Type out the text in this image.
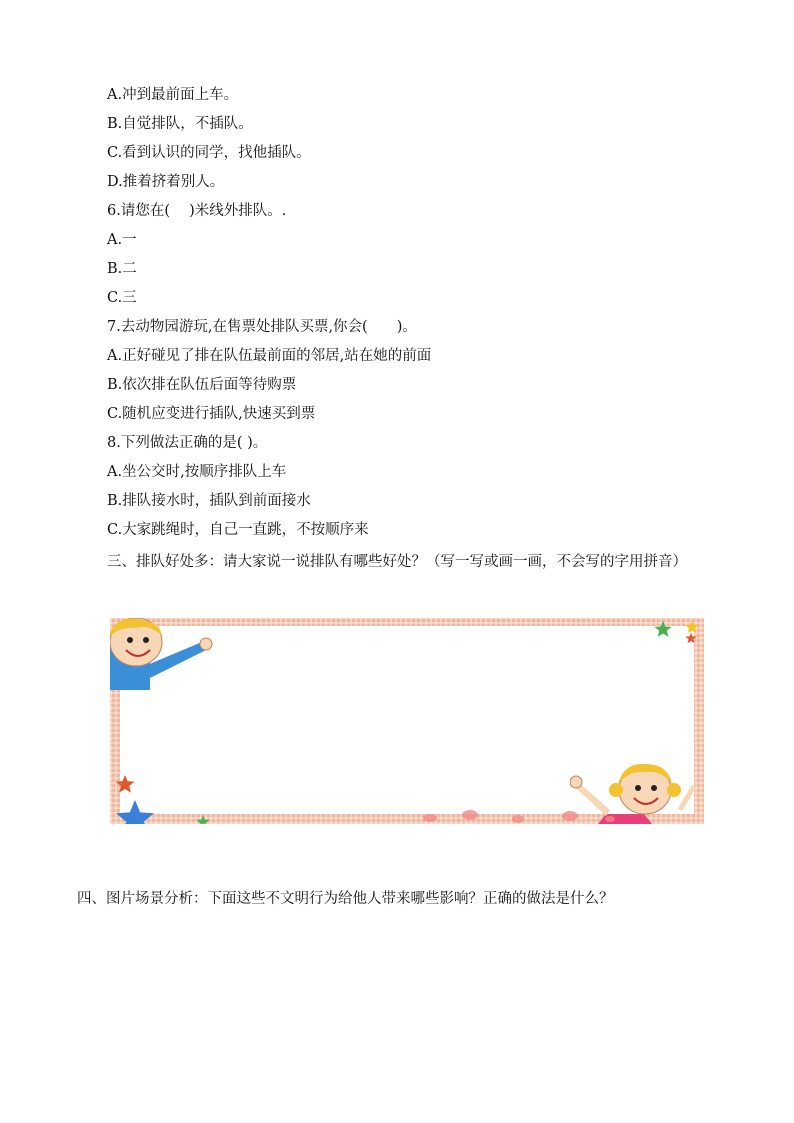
A.冲到最前面上车。

B.自觉排队，不插队。

C.看到认识的同学，找他插队。

D.推着挤着别人。

6.请您在(　 )米线外排队。.

A.一

B.二

C.三

7.去动物园游玩,在售票处排队买票,你会(　　)。

A.正好碰见了排在队伍最前面的邻居,站在她的前面

B.依次排在队伍后面等待购票

C.随机应变进行插队,快速买到票

8.下列做法正确的是( )。

A.坐公交时,按顺序排队上车

B.排队接水时，插队到前面接水

C.大家跳绳时，自己一直跳，不按顺序来

三、排队好处多：请大家说一说排队有哪些好处？（写一写或画一画，不会写的字用拼音）

四、图片场景分析：下面这些不文明行为给他人带来哪些影响？正确的做法是什么？
